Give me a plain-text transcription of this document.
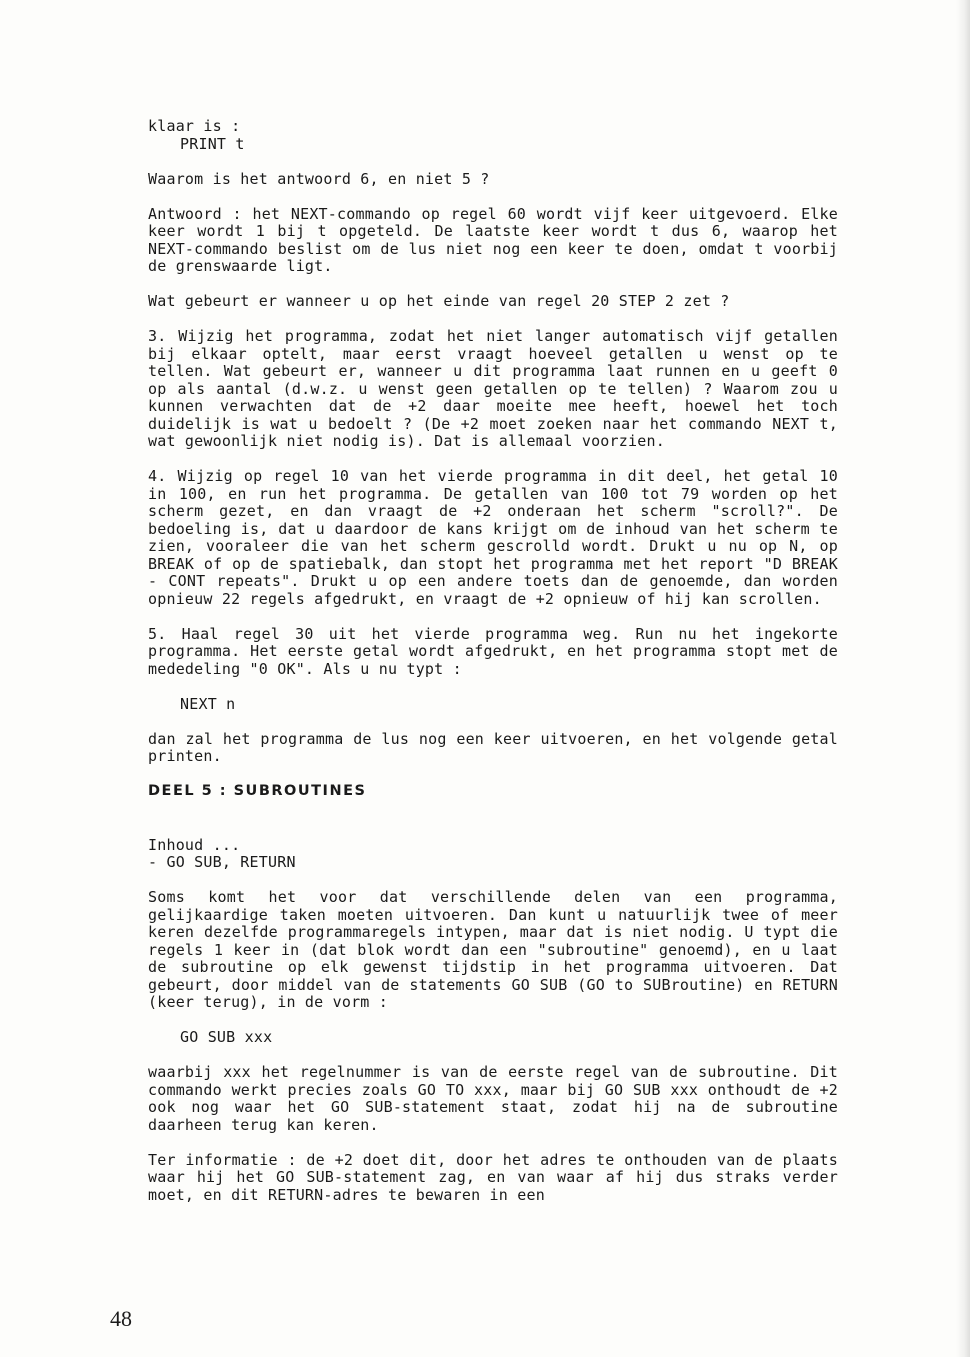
klaar is :
PRINT t
Waarom is het antwoord 6, en niet 5 ?
Antwoord : het NEXT-commando op regel 60 wordt vijf keer uitgevoerd. Elke keer wordt 1 bij t opgeteld. De laatste keer wordt t dus 6, waarop het NEXT-commando beslist om de lus niet nog een keer te doen, omdat t voorbij de grenswaarde ligt.
Wat gebeurt er wanneer u op het einde van regel 20 STEP 2 zet ?
3. Wijzig het programma, zodat het niet langer automatisch vijf getallen bij elkaar optelt, maar eerst vraagt hoeveel getallen u wenst op te tellen. Wat gebeurt er, wanneer u dit programma laat runnen en u geeft 0 op als aantal (d.w.z. u wenst geen getallen op te tellen) ? Waarom zou u kunnen verwachten dat de +2 daar moeite mee heeft, hoewel het toch duidelijk is wat u bedoelt ? (De +2 moet zoeken naar het commando NEXT t, wat gewoonlijk niet nodig is). Dat is allemaal voorzien.
4. Wijzig op regel 10 van het vierde programma in dit deel, het getal 10 in 100, en run het programma. De getallen van 100 tot 79 worden op het scherm gezet, en dan vraagt de +2 onderaan het scherm "scroll?". De bedoeling is, dat u daardoor de kans krijgt om de inhoud van het scherm te zien, vooraleer die van het scherm gescrolld wordt. Drukt u nu op N, op BREAK of op de spatiebalk, dan stopt het programma met het report "D BREAK - CONT repeats". Drukt u op een andere toets dan de genoemde, dan worden opnieuw 22 regels afgedrukt, en vraagt de +2 opnieuw of hij kan scrollen.
5. Haal regel 30 uit het vierde programma weg. Run nu het ingekorte programma. Het eerste getal wordt afgedrukt, en het programma stopt met de mededeling "0 OK". Als u nu typt :
NEXT n
dan zal het programma de lus nog een keer uitvoeren, en het volgende getal printen.
DEEL 5 : SUBROUTINES
Inhoud ...
- GO SUB, RETURN
Soms komt het voor dat verschillende delen van een programma, gelijkaardige taken moeten uitvoeren. Dan kunt u natuurlijk twee of meer keren dezelfde programmaregels intypen, maar dat is niet nodig. U typt die regels 1 keer in (dat blok wordt dan een "subroutine" genoemd), en u laat de subroutine op elk gewenst tijdstip in het programma uitvoeren. Dat gebeurt, door middel van de statements GO SUB (GO to SUBroutine) en RETURN (keer terug), in de vorm :
GO SUB xxx
waarbij xxx het regelnummer is van de eerste regel van de subroutine. Dit commando werkt precies zoals GO TO xxx, maar bij GO SUB xxx onthoudt de +2 ook nog waar het GO SUB-statement staat, zodat hij na de subroutine daarheen terug kan keren.
Ter informatie : de +2 doet dit, door het adres te onthouden van de plaats waar hij het GO SUB-statement zag, en van waar af hij dus straks verder moet, en dit RETURN-adres te bewaren in een
48
